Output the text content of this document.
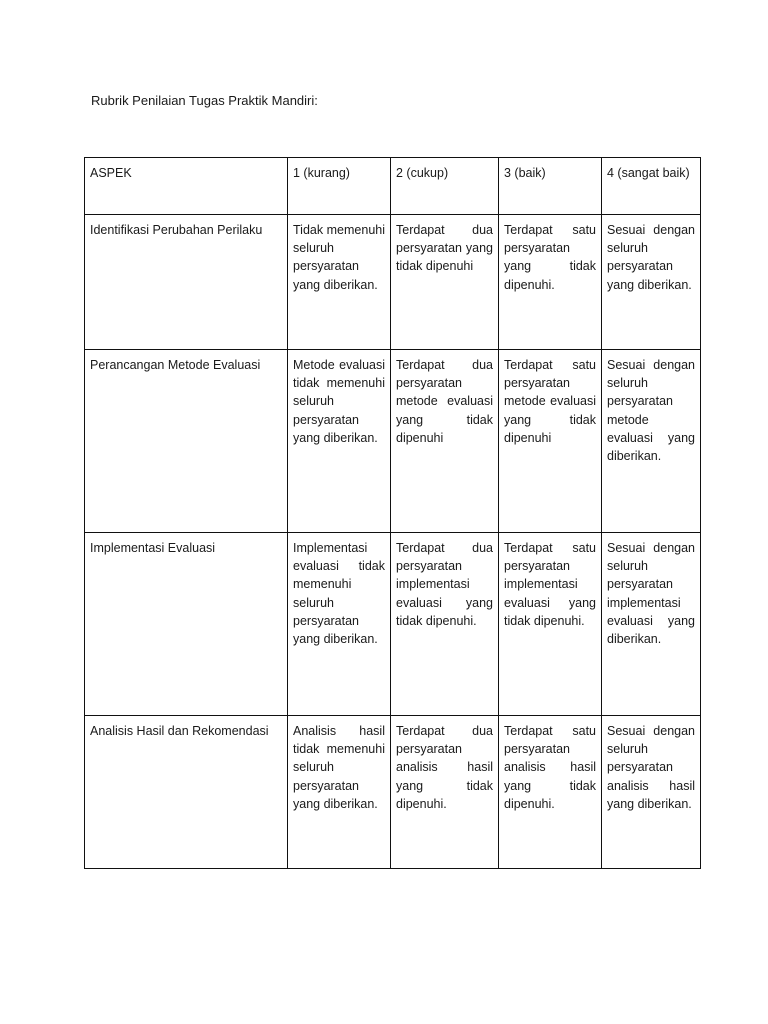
Rubrik Penilaian Tugas Praktik Mandiri:
ASPEK	1 (kurang)	2 (cukup)	3 (baik)	4 (sangat baik)
Identifikasi Perubahan Perilaku	Tidak memenuhi seluruh persyaratan yang diberikan.	Terdapat dua persyaratan yang tidak dipenuhi	Terdapat satu persyaratan yang tidak dipenuhi.	Sesuai dengan seluruh persyaratan yang diberikan.
Perancangan Metode Evaluasi	Metode evaluasi tidak memenuhi seluruh persyaratan yang diberikan.	Terdapat dua persyaratan metode evaluasi yang tidak dipenuhi	Terdapat satu persyaratan metode evaluasi yang tidak dipenuhi	Sesuai dengan seluruh persyaratan metode evaluasi yang diberikan.
Implementasi Evaluasi	Implementasi evaluasi tidak memenuhi seluruh persyaratan yang diberikan.	Terdapat dua persyaratan implementasi evaluasi yang tidak dipenuhi.	Terdapat satu persyaratan implementasi evaluasi yang tidak dipenuhi.	Sesuai dengan seluruh persyaratan implementasi evaluasi yang diberikan.
Analisis Hasil dan Rekomendasi	Analisis hasil tidak memenuhi seluruh persyaratan yang diberikan.	Terdapat dua persyaratan analisis hasil yang tidak dipenuhi.	Terdapat satu persyaratan analisis hasil yang tidak dipenuhi.	Sesuai dengan seluruh persyaratan analisis hasil yang diberikan.
